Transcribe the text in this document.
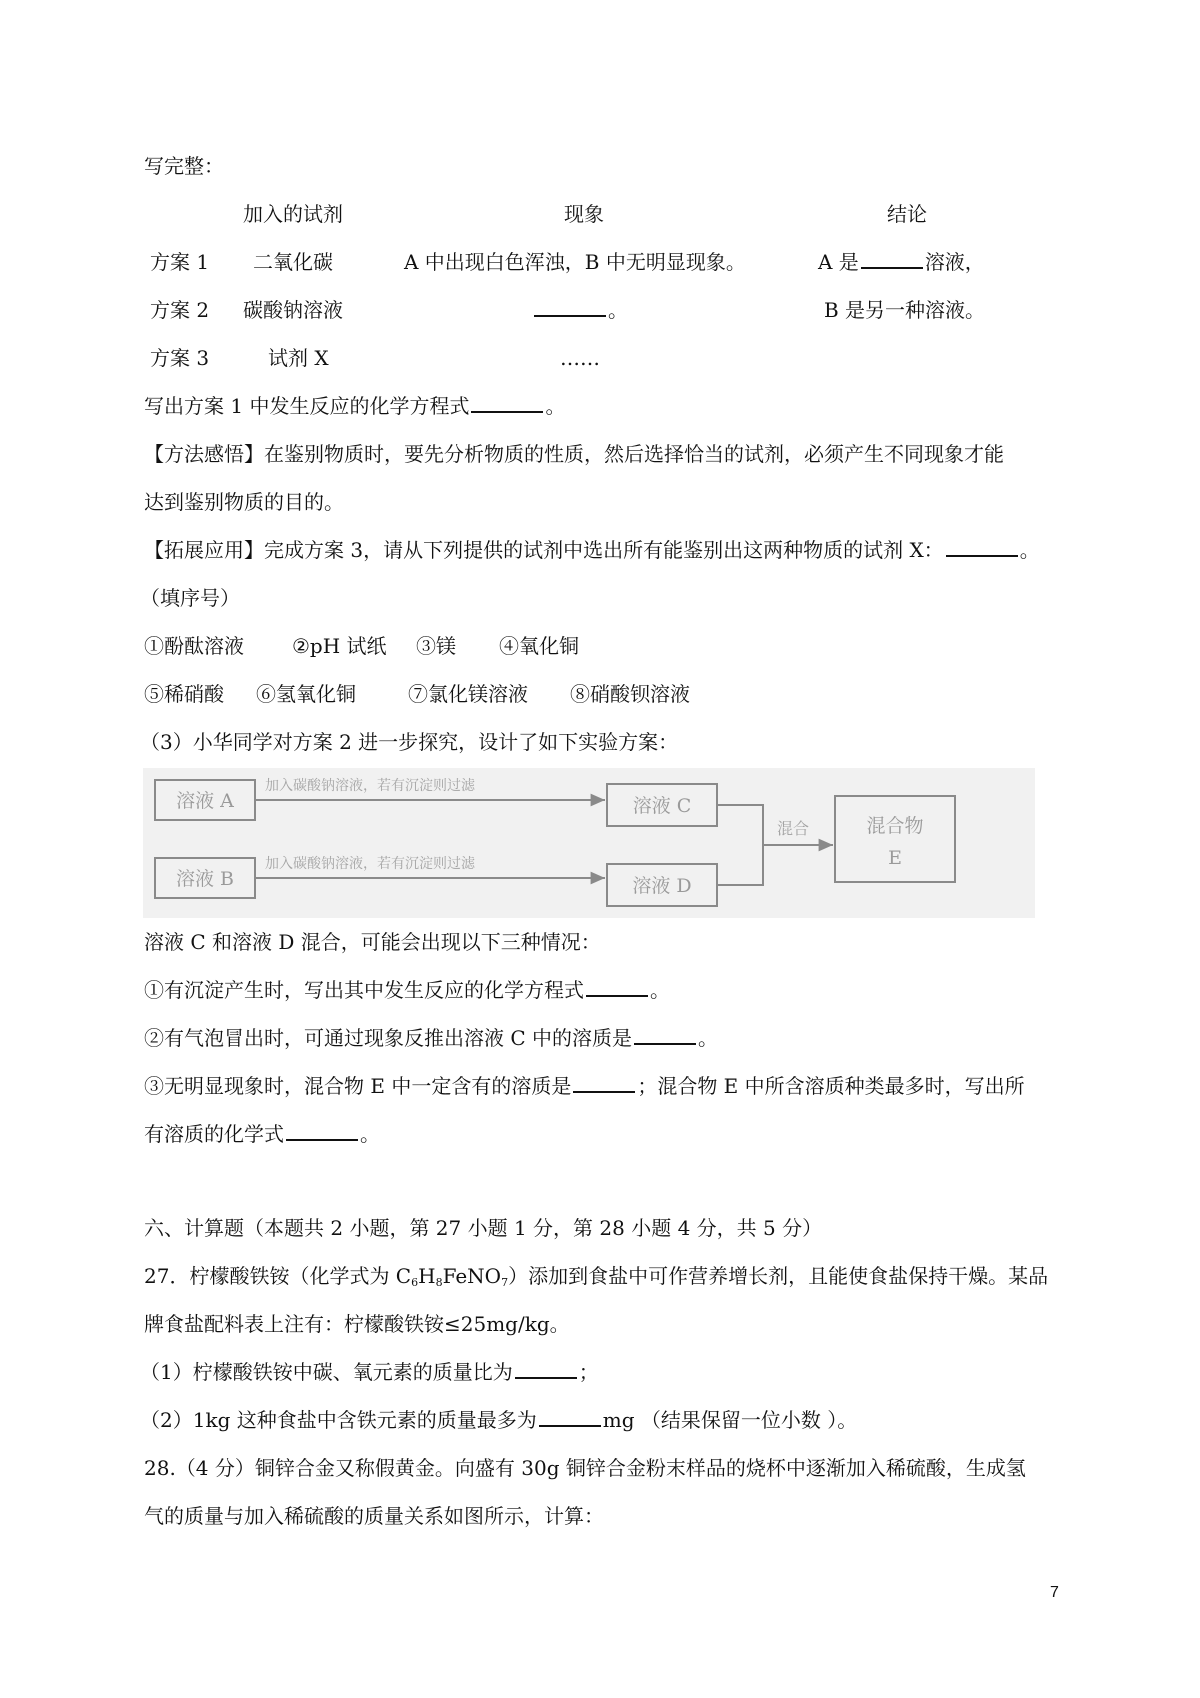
写完整：
加入的试剂	现象	结论
方案 1 二氧化碳	A 中出现白色浑浊，B 中无明显现象。	A 是	溶液，
方案 2 碳酸钠溶液	。	B 是另一种溶液。
方案 3	试剂 X	……
写出方案 1 中发生反应的化学方程式	。
【方法感悟】在鉴别物质时，要先分析物质的性质，然后选择恰当的试剂，必须产生不同现象才能
达到鉴别物质的目的。
【拓展应用】完成方案 3，请从下列提供的试剂中选出所有能鉴别出这两种物质的试剂 X：	。
（填序号）
①酚酞溶液 ②pH 试纸 ③镁 ④氧化铜
⑤稀硝酸 ⑥氢氧化铜	⑦氯化镁溶液 ⑧硝酸钡溶液
（3）小华同学对方案 2 进一步探究，设计了如下实验方案：
溶液 A
溶液 B
加入碳酸钠溶液，若有沉淀则过滤
加入碳酸钠溶液，若有沉淀则过滤
溶液 C
溶液 D
混合	混合物
E
溶液 C 和溶液 D 混合，可能会出现以下三种情况：
①有沉淀产生时，写出其中发生反应的化学方程式	。
②有气泡冒出时，可通过现象反推出溶液 C 中的溶质是	。
③无明显现象时，混合物 E 中一定含有的溶质是	；混合物 E 中所含溶质种类最多时，写出所
有溶质的化学式	。
六、计算题（本题共 2 小题，第 27 小题 1 分，第 28 小题 4 分，共 5 分）
27．柠檬酸铁铵（化学式为 $C_6H_8FeNO_7$）添加到食盐中可作营养增长剂，且能使食盐保持干燥。某品
牌食盐配料表上注有：柠檬酸铁铵≤25mg/kg。
（1）柠檬酸铁铵中碳、氧元素的质量比为	；
（2）1kg 这种食盐中含铁元素的质量最多为	mg （结果保留一位小数 ）。
28.（4 分）铜锌合金又称假黄金。向盛有 30g 铜锌合金粉末样品的烧杯中逐渐加入稀硫酸，生成氢
气的质量与加入稀硫酸的质量关系如图所示，计算：
7
